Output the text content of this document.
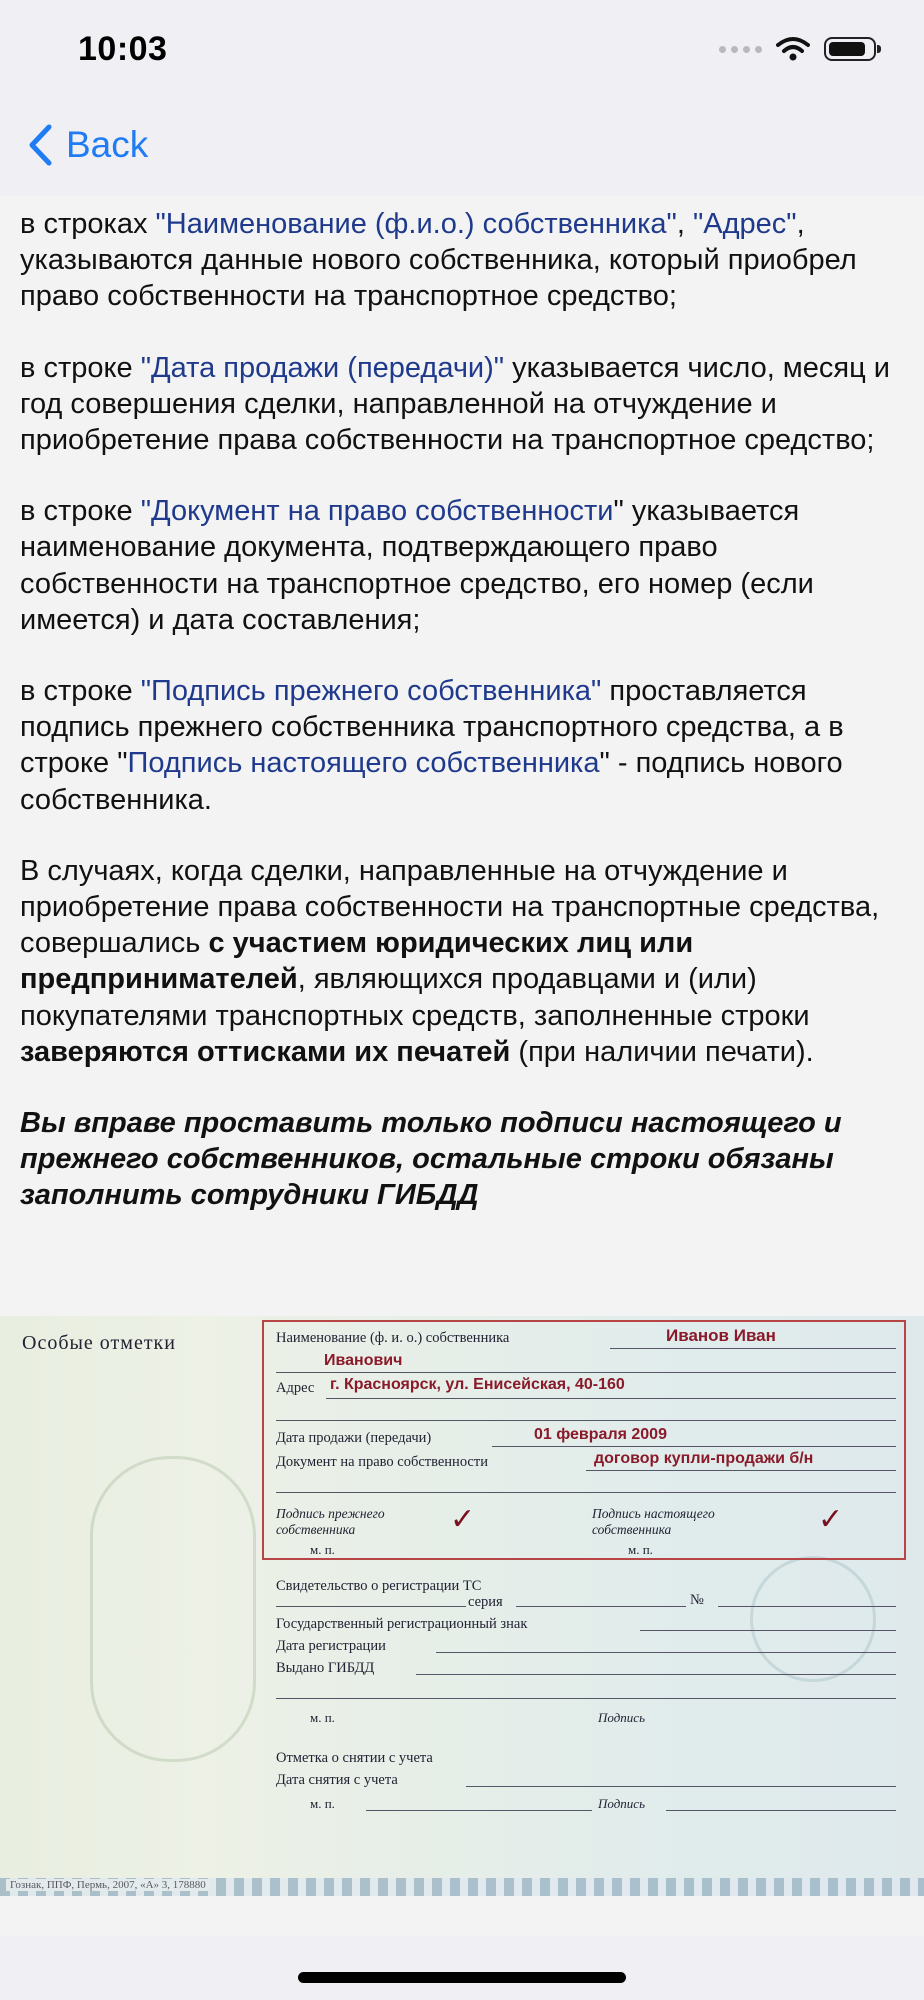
10:03
Back

в строках "Наименование (ф.и.о.) собственника", "Адрес", указываются данные нового собственника, который приобрел право собственности на транспортное средство;

в строке "Дата продажи (передачи)" указывается число, месяц и год совершения сделки, направленной на отчуждение и приобретение права собственности на транспортное средство;

в строке "Документ на право собственности" указывается наименование документа, подтверждающего право собственности на транспортное средство, его номер (если имеется) и дата составления;

в строке "Подпись прежнего собственника" проставляется подпись прежнего собственника транспортного средства, а в строке "Подпись настоящего собственника" - подпись нового собственника.

В случаях, когда сделки, направленные на отчуждение и приобретение права собственности на транспортные средства, совершались с участием юридических лиц или предпринимателей, являющихся продавцами и (или) покупателями транспортных средств, заполненные строки заверяются оттисками их печатей (при наличии печати).

Вы вправе проставить только подписи настоящего и прежнего собственников, остальные строки обязаны заполнить сотрудники ГИБДД

Особые отметки	Наименование (ф. и. о.) собственника	Иванов Иван
Иванович
Адрес г. Красноярск, ул. Енисейская, 40-160
Дата продажи (передачи)	01 февраля 2009
Документ на право собственности	договор купли-продажи б/н
Подпись прежнего
собственника	✓
м. п.
Подпись настоящего
собственника	✓
м. п.
Свидетельство о регистрации ТС
серия	№
Государственный регистрационный знак
Дата регистрации
Выдано ГИБДД
м. п.	Подпись
Отметка о снятии с учета
Дата снятия с учета
м. п.	Подпись
Гознак, ППФ, Пермь, 2007, «А» 3, 178880
